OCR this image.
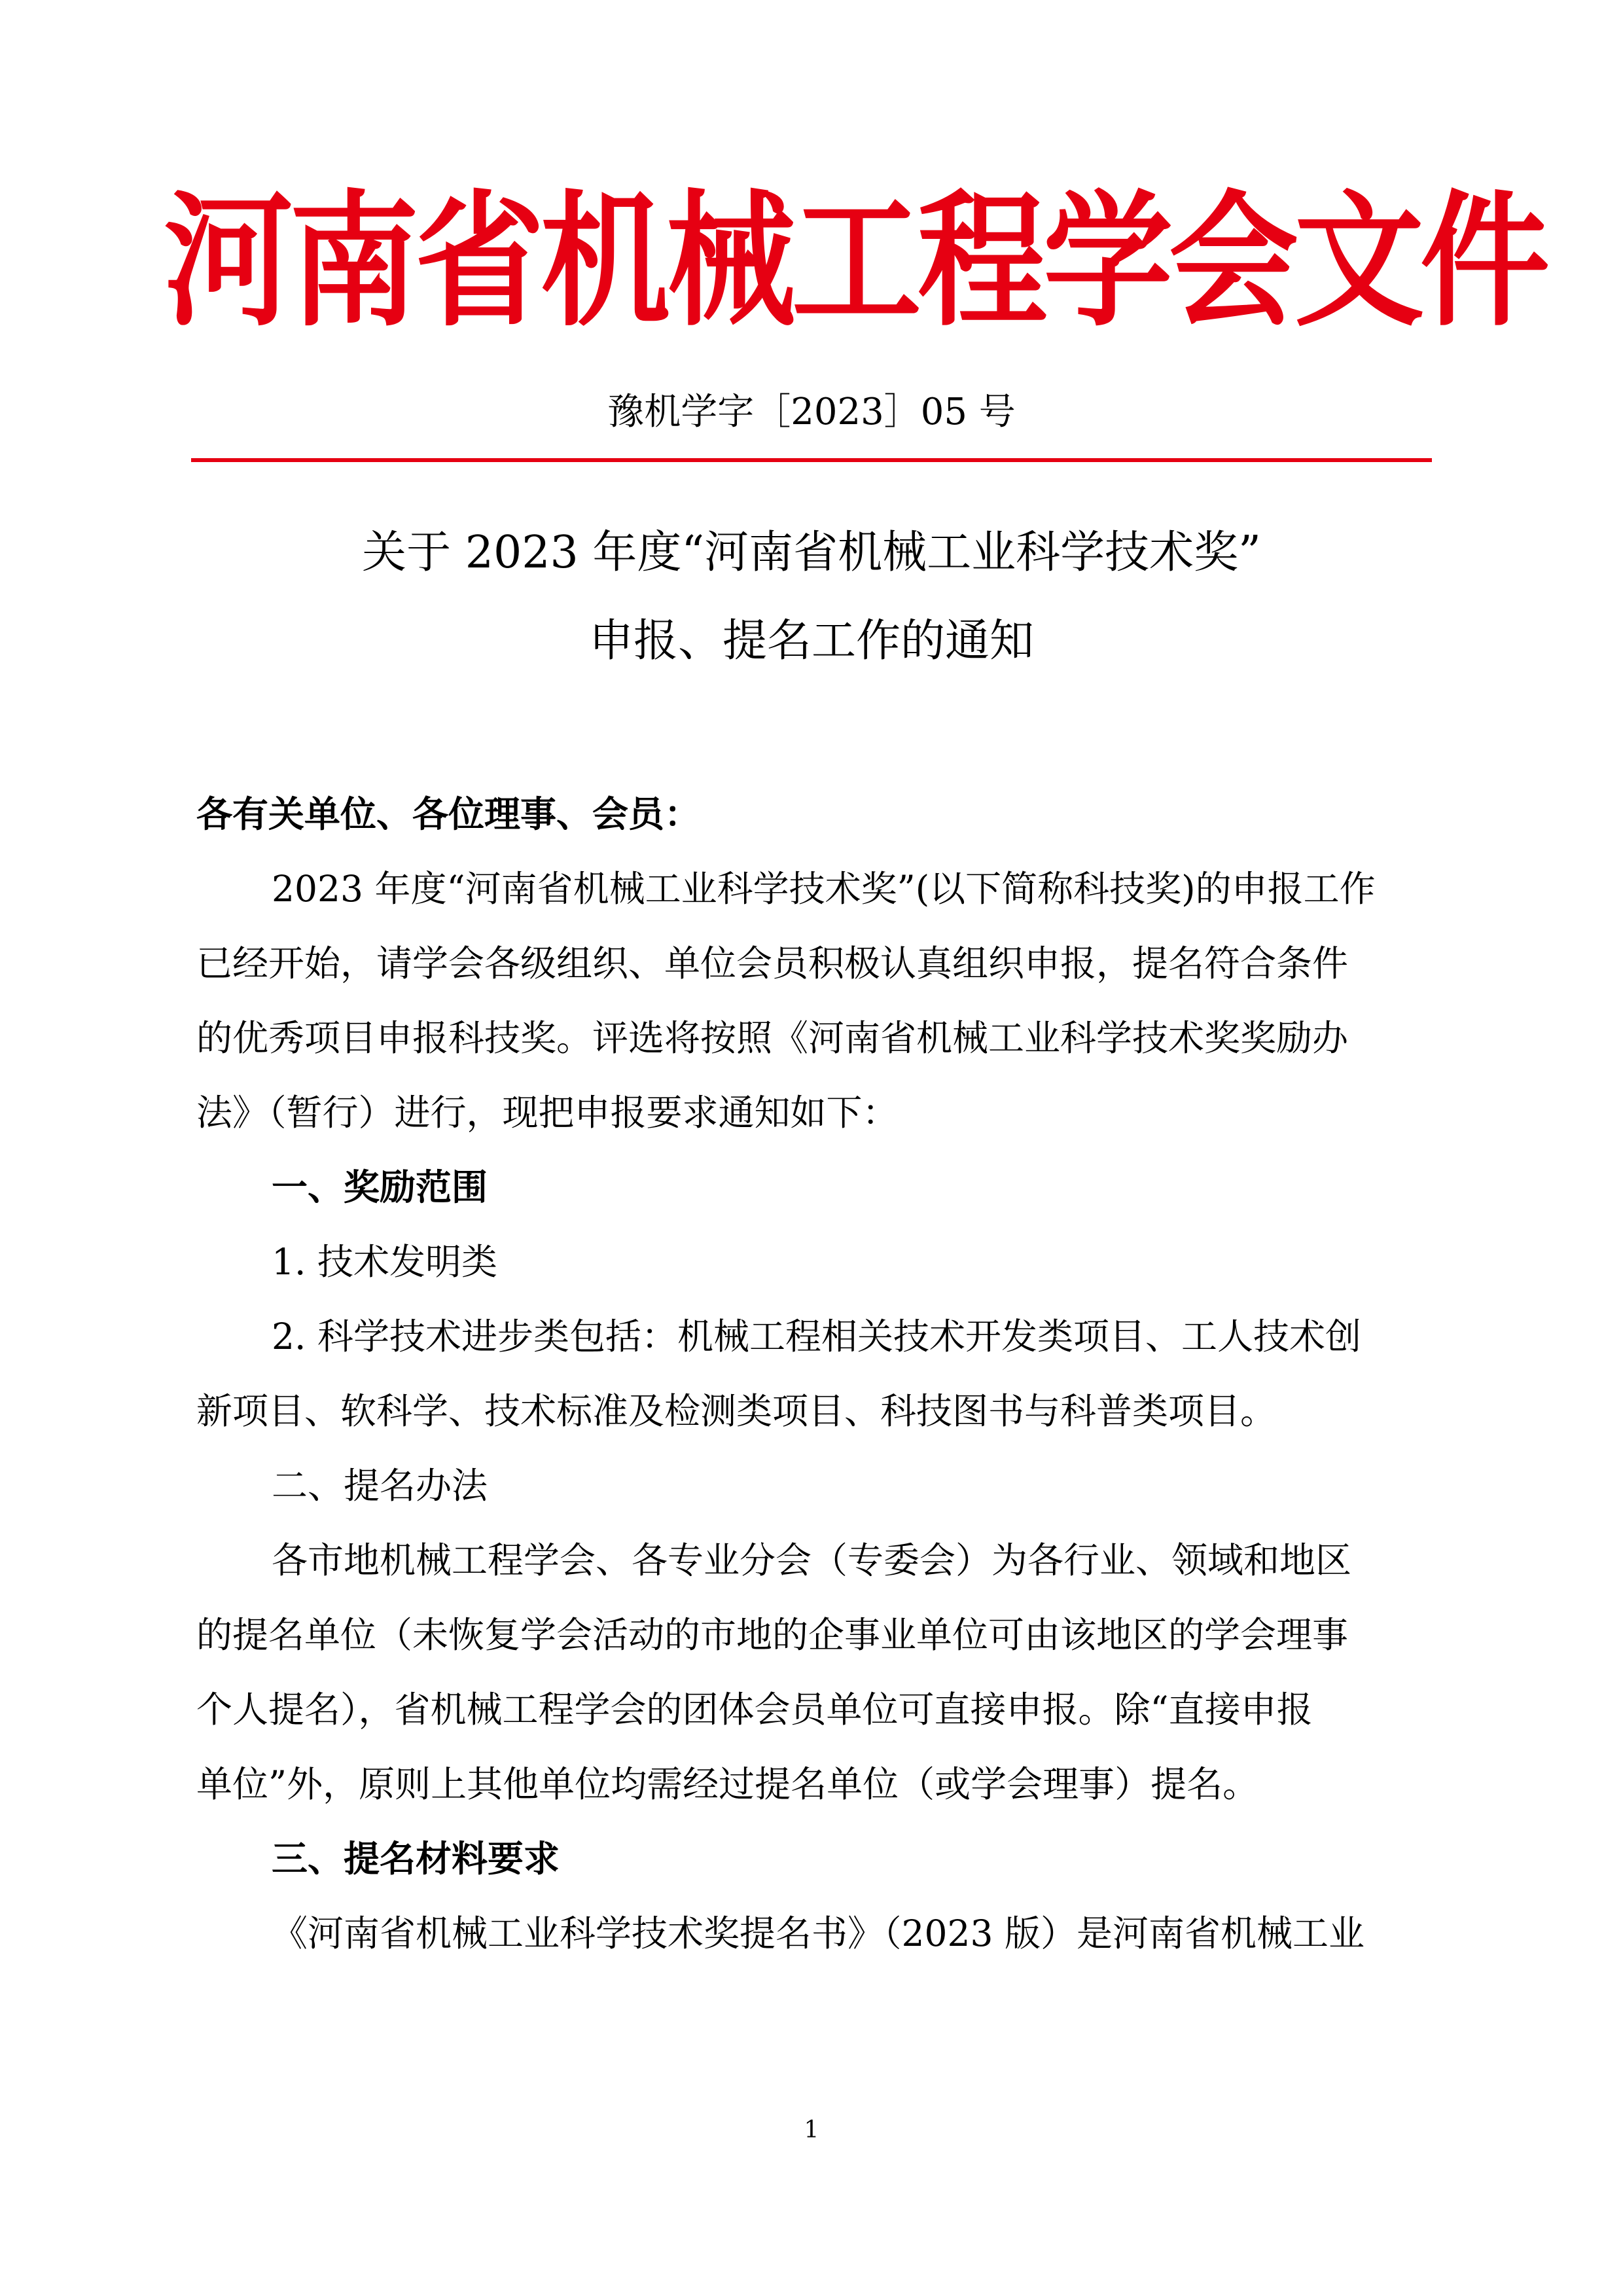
河南省机械工程学会文件
豫机学字［2023］05 号
关于 2023 年度“河南省机械工业科学技术奖”
申报、提名工作的通知
各有关单位、各位理事、会员：
2023 年度“河南省机械工业科学技术奖”(以下简称科技奖)的申报工作
已经开始，请学会各级组织、单位会员积极认真组织申报，提名符合条件
的优秀项目申报科技奖。评选将按照《河南省机械工业科学技术奖奖励办
法》（暂行）进行，现把申报要求通知如下：
一、奖励范围
1. 技术发明类
2. 科学技术进步类包括：机械工程相关技术开发类项目、工人技术创
新项目、软科学、技术标准及检测类项目、科技图书与科普类项目。
二、提名办法
各市地机械工程学会、各专业分会（专委会）为各行业、领域和地区
的提名单位（未恢复学会活动的市地的企事业单位可由该地区的学会理事
个人提名），省机械工程学会的团体会员单位可直接申报。除“直接申报
单位”外，原则上其他单位均需经过提名单位（或学会理事）提名。
三、提名材料要求
《河南省机械工业科学技术奖提名书》（2023 版）是河南省机械工业
1
